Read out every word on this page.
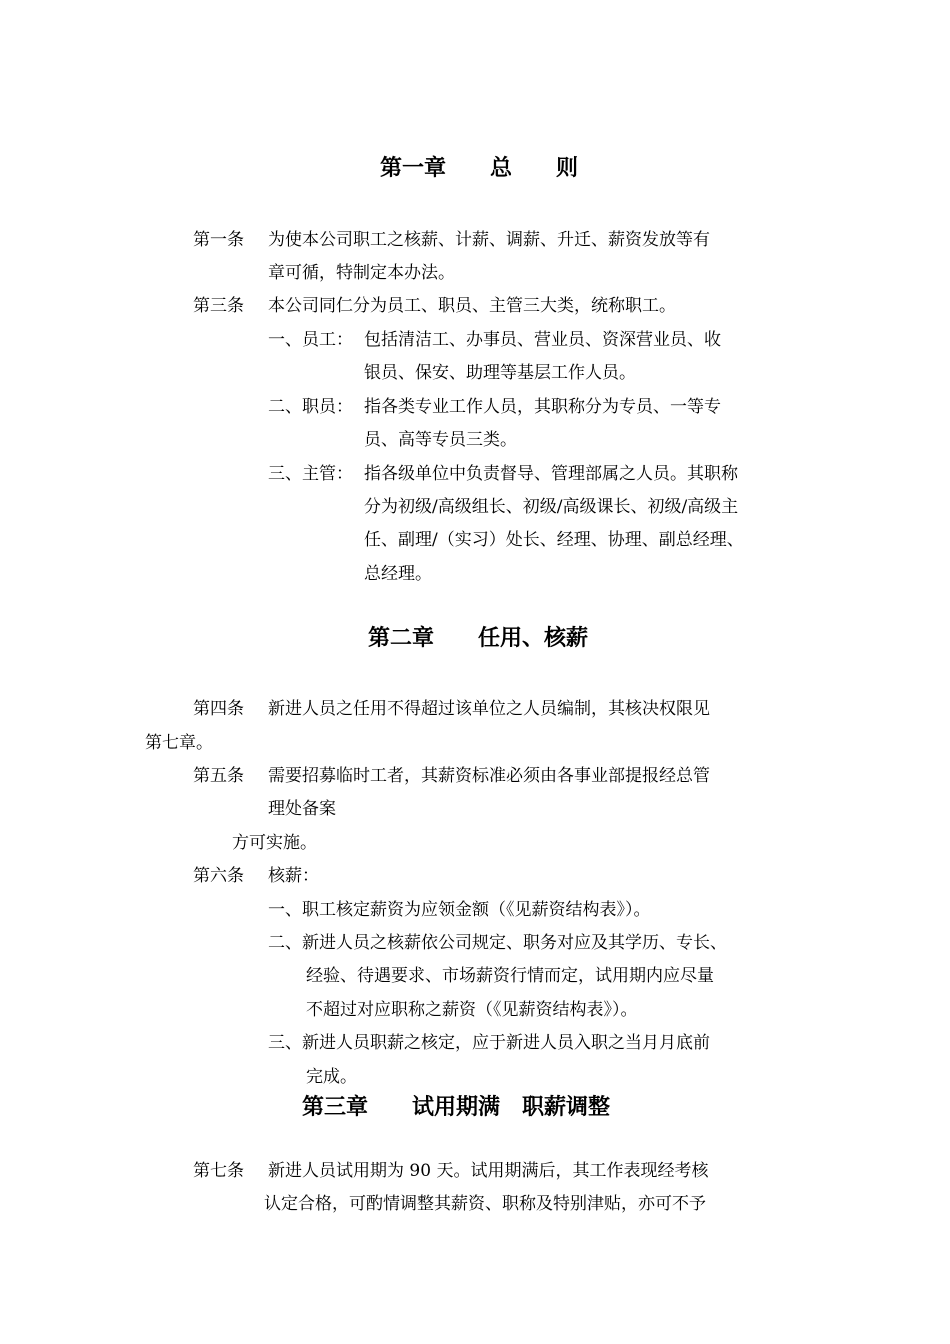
第一章　　总　　则
第一条 为使本公司职工之核薪、计薪、调薪、升迁、薪资发放等有
章可循，特制定本办法。
第三条 本公司同仁分为员工、职员、主管三大类，统称职工。
一、员工： 包括清洁工、办事员、营业员、资深营业员、收
银员、保安、助理等基层工作人员。
二、职员： 指各类专业工作人员，其职称分为专员、一等专
员、高等专员三类。
三、主管： 指各级单位中负责督导、管理部属之人员。其职称
分为初级/高级组长、初级/高级课长、初级/高级主
任、副理/（实习）处长、经理、协理、副总经理、
总经理。
第二章　　任用、核薪
第四条 新进人员之任用不得超过该单位之人员编制，其核决权限见
第七章。
第五条 需要招募临时工者，其薪资标准必须由各事业部提报经总管
理处备案
方可实施。
第六条 核薪：
一、职工核定薪资为应领金额（《见薪资结构表》）。
二、新进人员之核薪依公司规定、职务对应及其学历、专长、
经验、待遇要求、市场薪资行情而定，试用期内应尽量
不超过对应职称之薪资（《见薪资结构表》）。
三、新进人员职薪之核定，应于新进人员入职之当月月底前
完成。
第三章　　试用期满　职薪调整
第七条 新进人员试用期为 90 天。试用期满后，其工作表现经考核
认定合格，可酌情调整其薪资、职称及特别津贴，亦可不予
